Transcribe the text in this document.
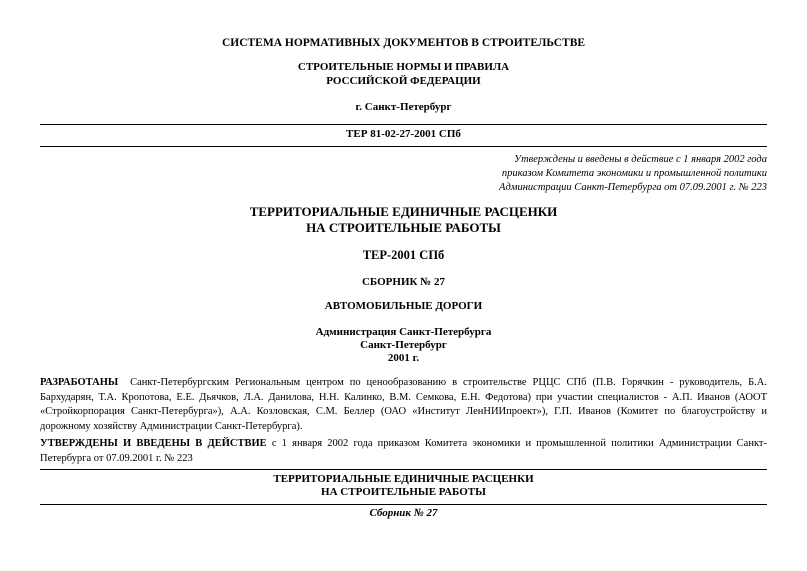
СИСТЕМА НОРМАТИВНЫХ ДОКУМЕНТОВ В СТРОИТЕЛЬСТВЕ
СТРОИТЕЛЬНЫЕ НОРМЫ И ПРАВИЛА
РОССИЙСКОЙ ФЕДЕРАЦИИ
г. Санкт-Петербург
ТЕР 81-02-27-2001 СПб
Утверждены и введены в действие с 1 января 2002 года
приказом Комитета экономики и промышленной политики
Администрации Санкт-Петербурга от 07.09.2001 г. № 223
ТЕРРИТОРИАЛЬНЫЕ ЕДИНИЧНЫЕ РАСЦЕНКИ
НА СТРОИТЕЛЬНЫЕ РАБОТЫ
ТЕР-2001 СПб
СБОРНИК № 27
АВТОМОБИЛЬНЫЕ ДОРОГИ
Администрация Санкт-Петербурга
Санкт-Петербург
2001 г.
РАЗРАБОТАНЫ Санкт-Петербургским Региональным центром по ценообразованию в строительстве РЦЦС СПб (П.В. Горячкин - руководитель, Б.А. Бархударян, Т.А. Кропотова, Е.Е. Дьячков, Л.А. Данилова, Н.Н. Калинко, В.М. Семкова, Е.Н. Федотова) при участии специалистов - А.П. Иванов (АООТ «Стройкорпорация Санкт-Петербурга»), А.А. Козловская, С.М. Беллер (ОАО «Институт ЛенНИИпроект»), Г.П. Иванов (Комитет по благоустройству и дорожному хозяйству Администрации Санкт-Петербурга).
УТВЕРЖДЕНЫ И ВВЕДЕНЫ В ДЕЙСТВИЕ с 1 января 2002 года приказом Комитета экономики и промышленной политики Администрации Санкт-Петербурга от 07.09.2001 г. № 223
ТЕРРИТОРИАЛЬНЫЕ ЕДИНИЧНЫЕ РАСЦЕНКИ
НА СТРОИТЕЛЬНЫЕ РАБОТЫ
Сборник № 27
